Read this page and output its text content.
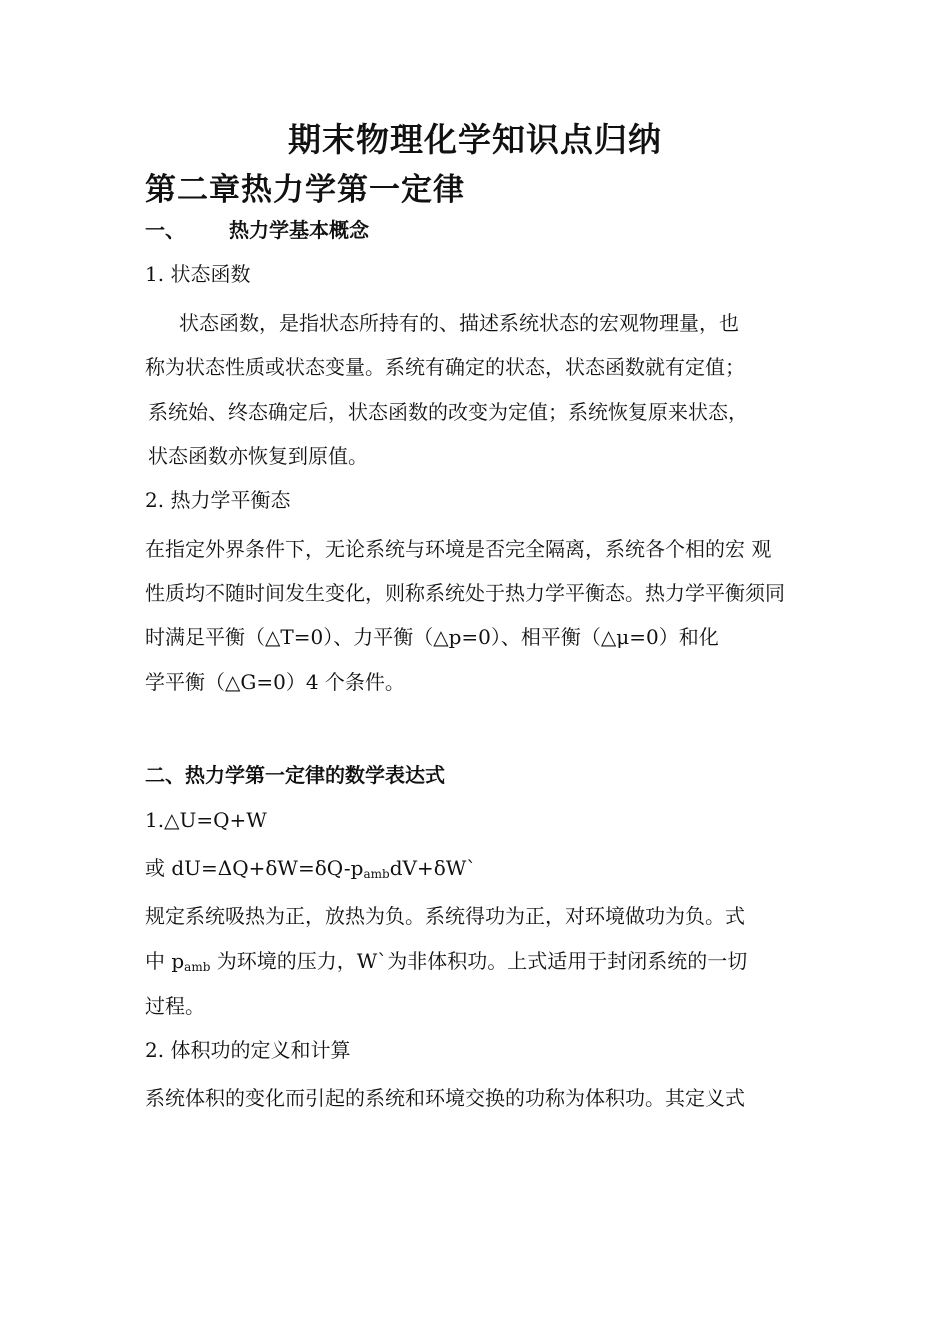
期末物理化学知识点归纳
第二章热力学第一定律
一、 热力学基本概念
1. 状态函数
状态函数，是指状态所持有的、描述系统状态的宏观物理量，也
称为状态性质或状态变量。系统有确定的状态，状态函数就有定值；
系统始、终态确定后，状态函数的改变为定值；系统恢复原来状态，
状态函数亦恢复到原值。
2. 热力学平衡态
在指定外界条件下，无论系统与环境是否完全隔离，系统各个相的宏 观
性质均不随时间发生变化，则称系统处于热力学平衡态。热力学平衡须同
时满足平衡（△T=0）、力平衡（△p=0）、相平衡（△μ=0）和化
学平衡（△G=0）4 个条件。
二、热力学第一定律的数学表达式
1.△U=Q+W
或 $dU=\Delta Q+\delta W=\delta Q-p_{amb}dV+\delta W`$
规定系统吸热为正，放热为负。系统得功为正，对环境做功为负。式
中 $p_{amb}$ 为环境的压力，W`为非体积功。上式适用于封闭系统的一切
过程。
2. 体积功的定义和计算
系统体积的变化而引起的系统和环境交换的功称为体积功。其定义式
